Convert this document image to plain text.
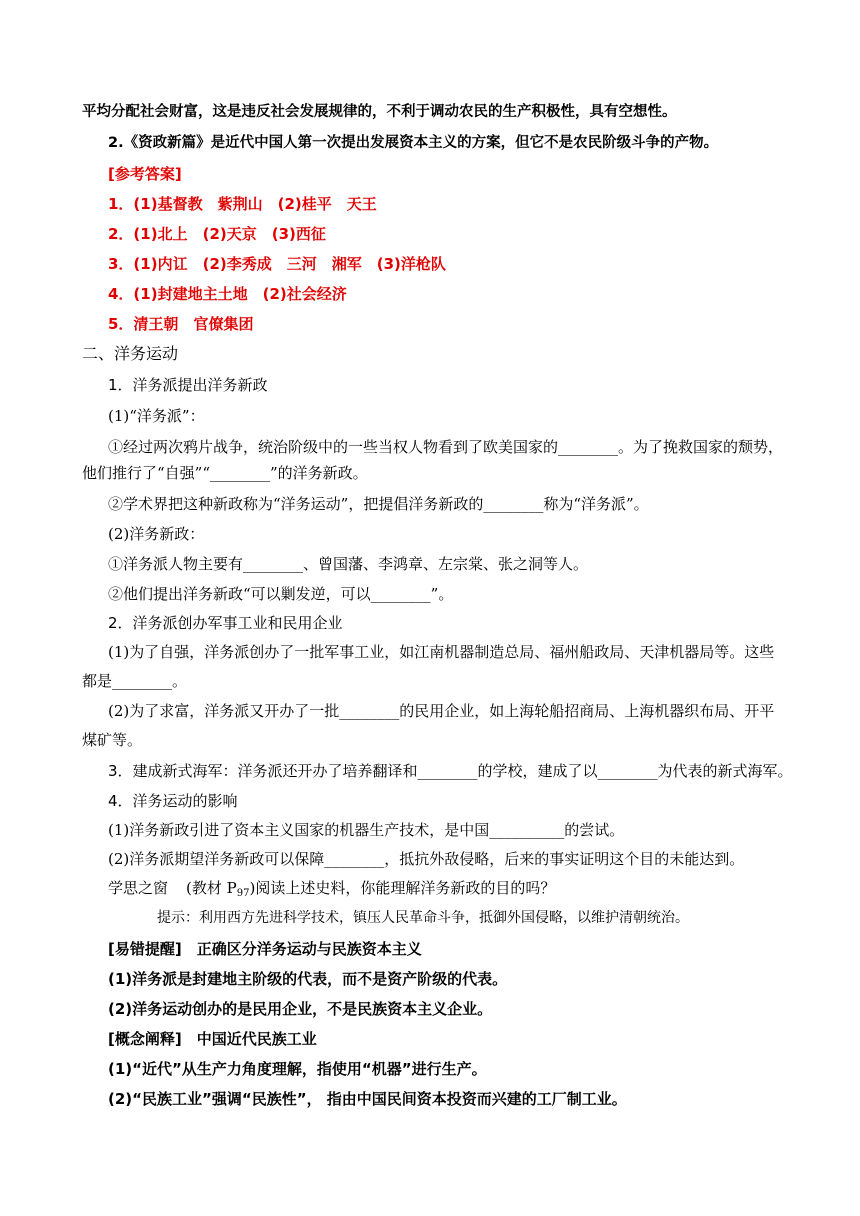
平均分配社会财富，这是违反社会发展规律的，不利于调动农民的生产积极性，具有空想性。
2.《资政新篇》是近代中国人第一次提出发展资本主义的方案，但它不是农民阶级斗争的产物。
[参考答案]
1．(1)基督教　紫荆山　(2)桂平　天王
2．(1)北上　(2)天京　(3)西征
3．(1)内讧　(2)李秀成　三河　湘军　(3)洋枪队
4．(1)封建地主土地　(2)社会经济
5．清王朝　官僚集团
二、洋务运动
1．洋务派提出洋务新政
(1)“洋务派”：
①经过两次鸦片战争，统治阶级中的一些当权人物看到了欧美国家的________。为了挽救国家的颓势，
他们推行了“自强”“________”的洋务新政。
②学术界把这种新政称为“洋务运动”，把提倡洋务新政的________称为“洋务派”。
(2)洋务新政：
①洋务派人物主要有________、曾国藩、李鸿章、左宗棠、张之洞等人。
②他们提出洋务新政“可以剿发逆，可以________”。
2．洋务派创办军事工业和民用企业
(1)为了自强，洋务派创办了一批军事工业，如江南机器制造总局、福州船政局、天津机器局等。这些
都是________。
(2)为了求富，洋务派又开办了一批________的民用企业，如上海轮船招商局、上海机器织布局、开平
煤矿等。
3．建成新式海军：洋务派还开办了培养翻译和________的学校，建成了以________为代表的新式海军。
4．洋务运动的影响
(1)洋务新政引进了资本主义国家的机器生产技术，是中国__________的尝试。
(2)洋务派期望洋务新政可以保障________，抵抗外敌侵略，后来的事实证明这个目的未能达到。
学思之窗 (教材 $P_{97}$)阅读上述史料，你能理解洋务新政的目的吗？
提示：利用西方先进科学技术，镇压人民革命斗争，抵御外国侵略，以维护清朝统治。
[易错提醒]　正确区分洋务运动与民族资本主义
(1)洋务派是封建地主阶级的代表，而不是资产阶级的代表。
(2)洋务运动创办的是民用企业，不是民族资本主义企业。
[概念阐释]　中国近代民族工业
(1)“近代”从生产力角度理解，指使用“机器”进行生产。
(2)“民族工业”强调“民族性”， 指由中国民间资本投资而兴建的工厂制工业。
